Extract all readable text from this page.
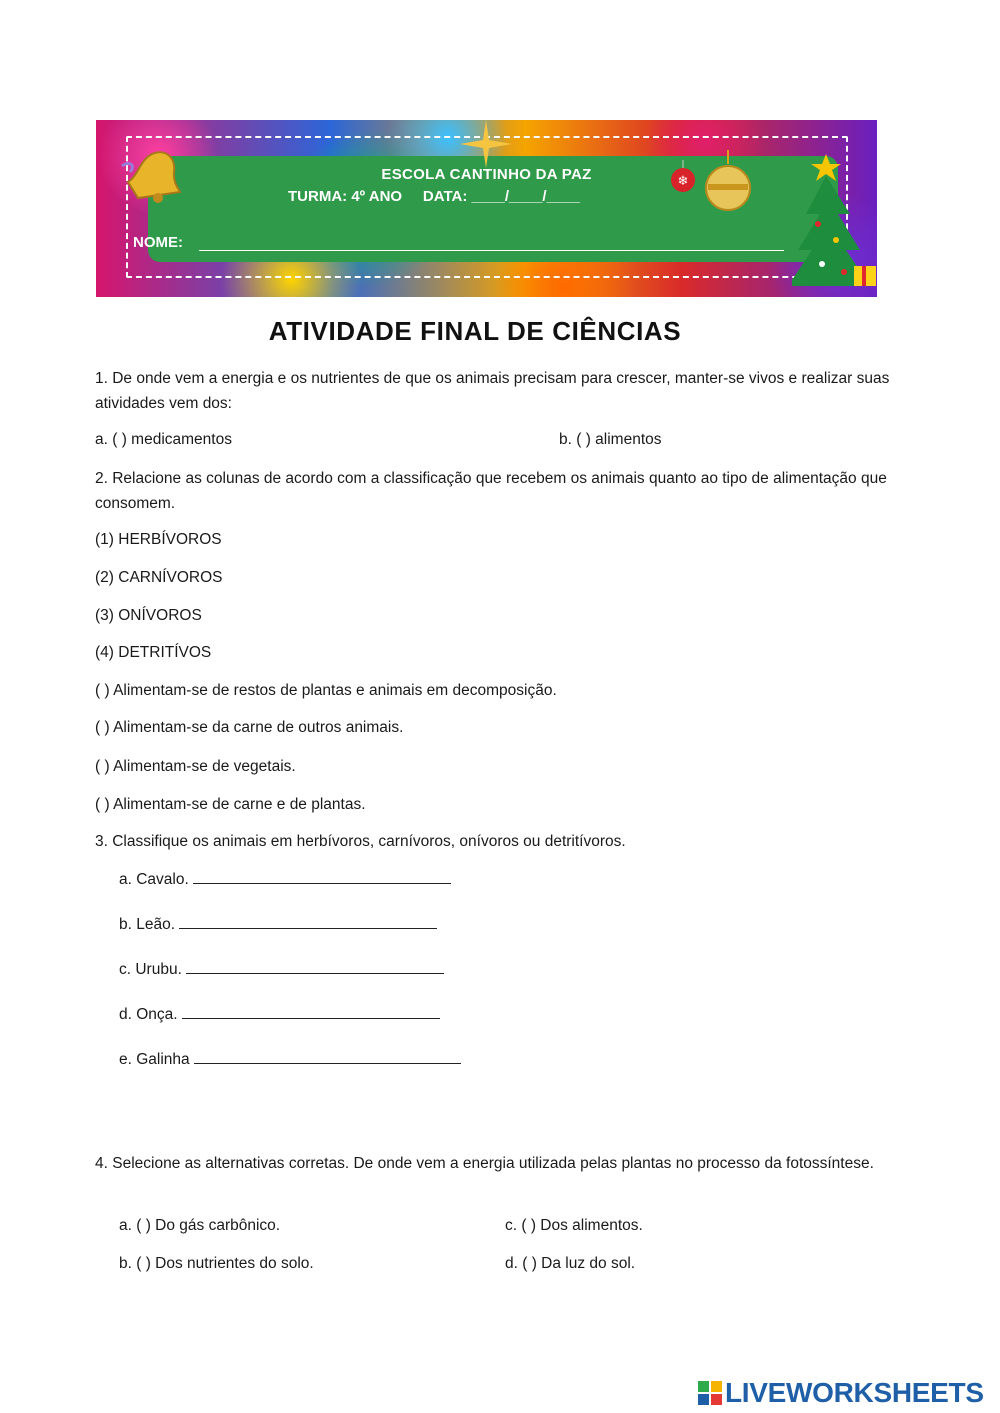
❄
ESCOLA CANTINHO DA PAZ
TURMA: 4º ANO     DATA: ____/____/____
NOME:
ATIVIDADE FINAL DE CIÊNCIAS
1. De onde vem a energia e os nutrientes de que os animais precisam para crescer, manter-se vivos e realizar suas atividades vem dos:
a. ( ) medicamentos	b. ( ) alimentos
2. Relacione as colunas de acordo com a classificação que recebem os animais quanto ao tipo de alimentação que consomem.
(1) HERBÍVOROS
(2) CARNÍVOROS
(3) ONÍVOROS
(4) DETRITÍVOS
( ) Alimentam-se de restos de plantas e animais em decomposição.
( ) Alimentam-se da carne de outros animais.
( ) Alimentam-se de vegetais.
( ) Alimentam-se de carne e de plantas.
3. Classifique os animais em herbívoros, carnívoros, onívoros ou detritívoros.
a. Cavalo.
b. Leão.
c. Urubu.
d. Onça.
e. Galinha
4. Selecione as alternativas corretas. De onde vem a energia utilizada pelas plantas no processo da fotossíntese.
a. ( ) Do gás carbônico.	c. ( ) Dos alimentos.
b. ( ) Dos nutrientes do solo.	d. ( ) Da luz do sol.
LIVEWORKSHEETS
